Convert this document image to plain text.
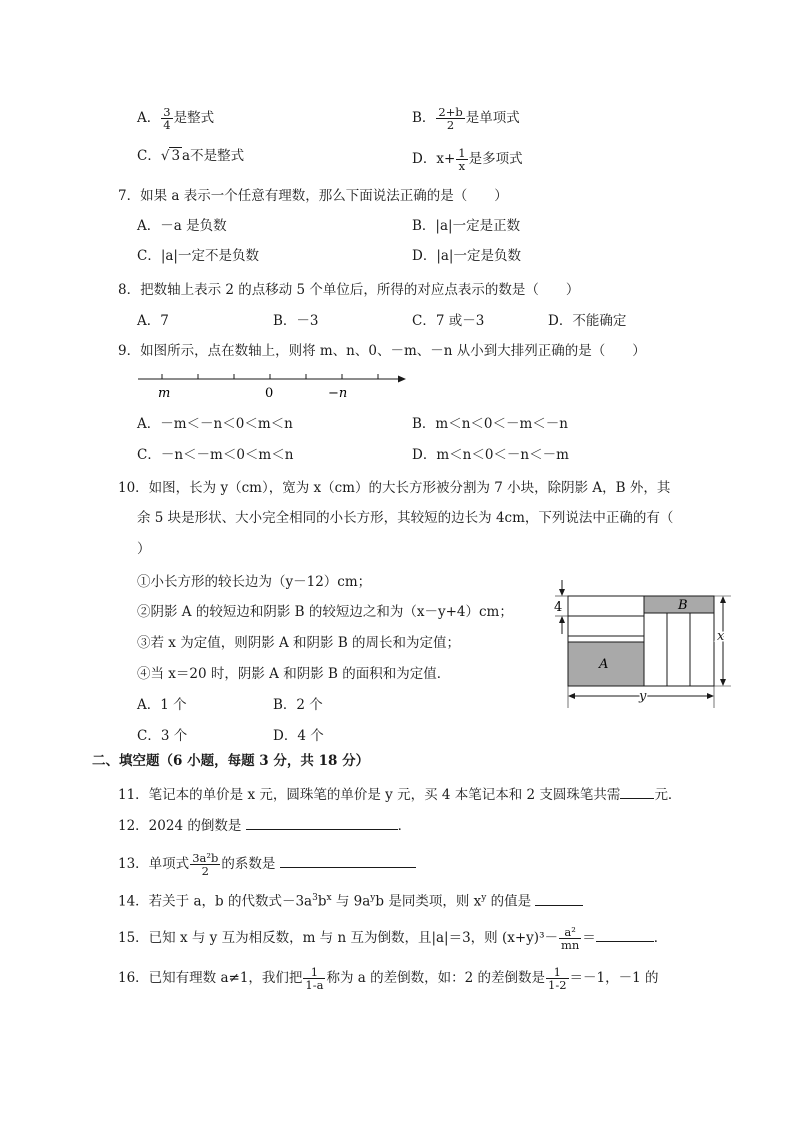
A． $\frac{3}{4}$ 是整式	B． $\frac{2+b}{2}$ 是单项式
C．√ 3 a不是整式	D．$x+ \frac{1}{x}$ 是多项式
7．如果 a 表示一个任意有理数，那么下面说法正确的是（　　）
A．－a 是负数	B．|a|一定是正数
C．|a|一定不是负数	D．|a|一定是负数
8．把数轴上表示 2 的点移动 5 个单位后，所得的对应点表示的数是（　　）
A．7	B．－3	C．7 或－3	D．不能确定
9．如图所示，点在数轴上，则将 m、n、0、－m、－n 从小到大排列正确的是（　　）
m	0	−n
A．－m＜－n＜0＜m＜n	B．m＜n＜0＜－m＜－n
C．－n＜－m＜0＜m＜n	D．m＜n＜0＜－n＜－m
10．如图，长为 y（cm），宽为 x（cm）的大长方形被分割为 7 小块，除阴影 A，B 外，其
余 5 块是形状、大小完全相同的小长方形，其较短的边长为 4cm，下列说法中正确的有（
）
①小长方形的较长边为（y－12）cm；
②阴影 A 的较短边和阴影 B 的较短边之和为（x－y+4）cm；
③若 x 为定值，则阴影 A 和阴影 B 的周长和为定值；
④当 x＝20 时，阴影 A 和阴影 B 的面积和为定值．
A．1 个	B．2 个
C．3 个	D．4 个
4
A
B
x
y
二、填空题（6 小题，每题 3 分，共 18 分）
11．笔记本的单价是 x 元，圆珠笔的单价是 y 元，买 4 本笔记本和 2 支圆珠笔共需	元．
12．2024 的倒数是	．
13．单项式 $\frac{\text{3a²b}}{2}$ 的系数是
14．若关于 a，b 的代数式$-3a^3b^x$ 与 $9a^yb$ 是同类项，则 $x^y$ 的值是
15．已知 x 与 y 互为相反数，m 与 n 互为倒数，且|a|＝3，则 $(x+y)^3- \frac{\text{a²}}{mn}$ ＝	．
16．已知有理数 a≠1，我们把 $\frac{1}{1-a}$ 称为 a 的差倒数，如：2 的差倒数是 $\frac{1}{1-2} =-1$，－1 的
